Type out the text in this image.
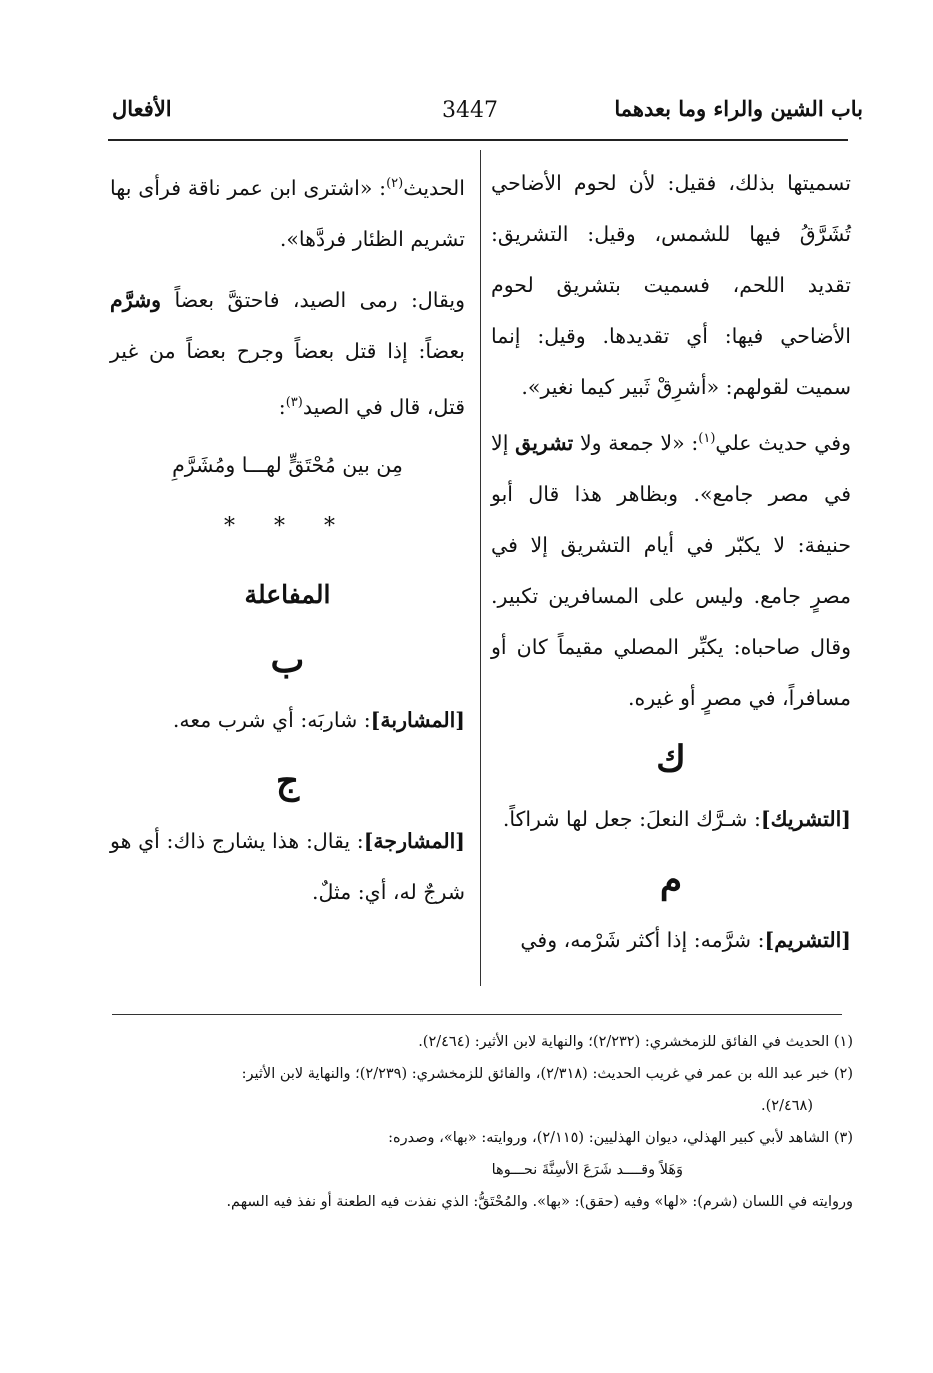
باب الشين والراء وما بعدهما
3447
الأفعال

تسميتها بذلك، فقيل: لأن لحوم الأضاحي تُشَرَّقُ فيها للشمس، وقيل: التشريق: تقديد اللحم، فسميت بتشريق لحوم الأضاحي فيها: أي تقديدها. وقيل: إنما سميت لقولهم: «أشرِقْ ثَبير كيما نغير».

وفي حديث علي$^{(١)}$: «لا جمعة ولا تشريق إلا في مصر جامع». وبظاهر هذا قال أبو حنيفة: لا يكبّر في أيام التشريق إلا في مصرٍ جامع. وليس على المسافرين تكبير. وقال صاحباه: يكبِّر المصلي مقيماً كان أو مسافراً، في مصرٍ أو غيره.

ك

[التشريك]: شـرَّك النعلَ: جعل لها شراكاً.

م

[التشريم]: شرَّمه: إذا أكثر شَرْمه، وفي

الحديث$^{(٢)}$: «اشترى ابن عمر ناقة فرأى بها تشريم الظئار فردَّها».

ويقال: رمى الصيد، فاحتقَّ بعضاً وشرَّم بعضاً: إذا قتل بعضاً وجرح بعضاً من غير قتل، قال في الصيد$^{(٣)}$:

مِن بين مُحْتَقٍّ لهـــا ومُشَرَّمِ
* * *
المفاعلة
ب

[المشاربة]: شاربَه: أي شرب معه.

ج

[المشارجة]: يقال: هذا يشارج ذاك: أي هو شرجٌ له، أي: مثلٌ.

(١) الحديث في الفائق للزمخشري: (٢/٢٣٢)؛ والنهاية لابن الأثير: (٢/٤٦٤).

(٢) خبر عبد الله بن عمر في غريب الحديث: (٢/٣١٨)، والفائق للزمخشري: (٢/٢٣٩)؛ والنهاية لابن الأثير:

(٢/٤٦٨).

(٣) الشاهد لأبي كبير الهذلي، ديوان الهذليين: (٢/١١٥)، وروايته: «بها»، وصدره:

وَهَلاً وقــــد شَرَعَ الأسِنَّةَ نحـــوها

وروايته في اللسان (شرم): «لها» وفيه (حقق): «بها». والمُحْتَقُّ: الذي نفذت فيه الطعنة أو نفذ فيه السهم.
